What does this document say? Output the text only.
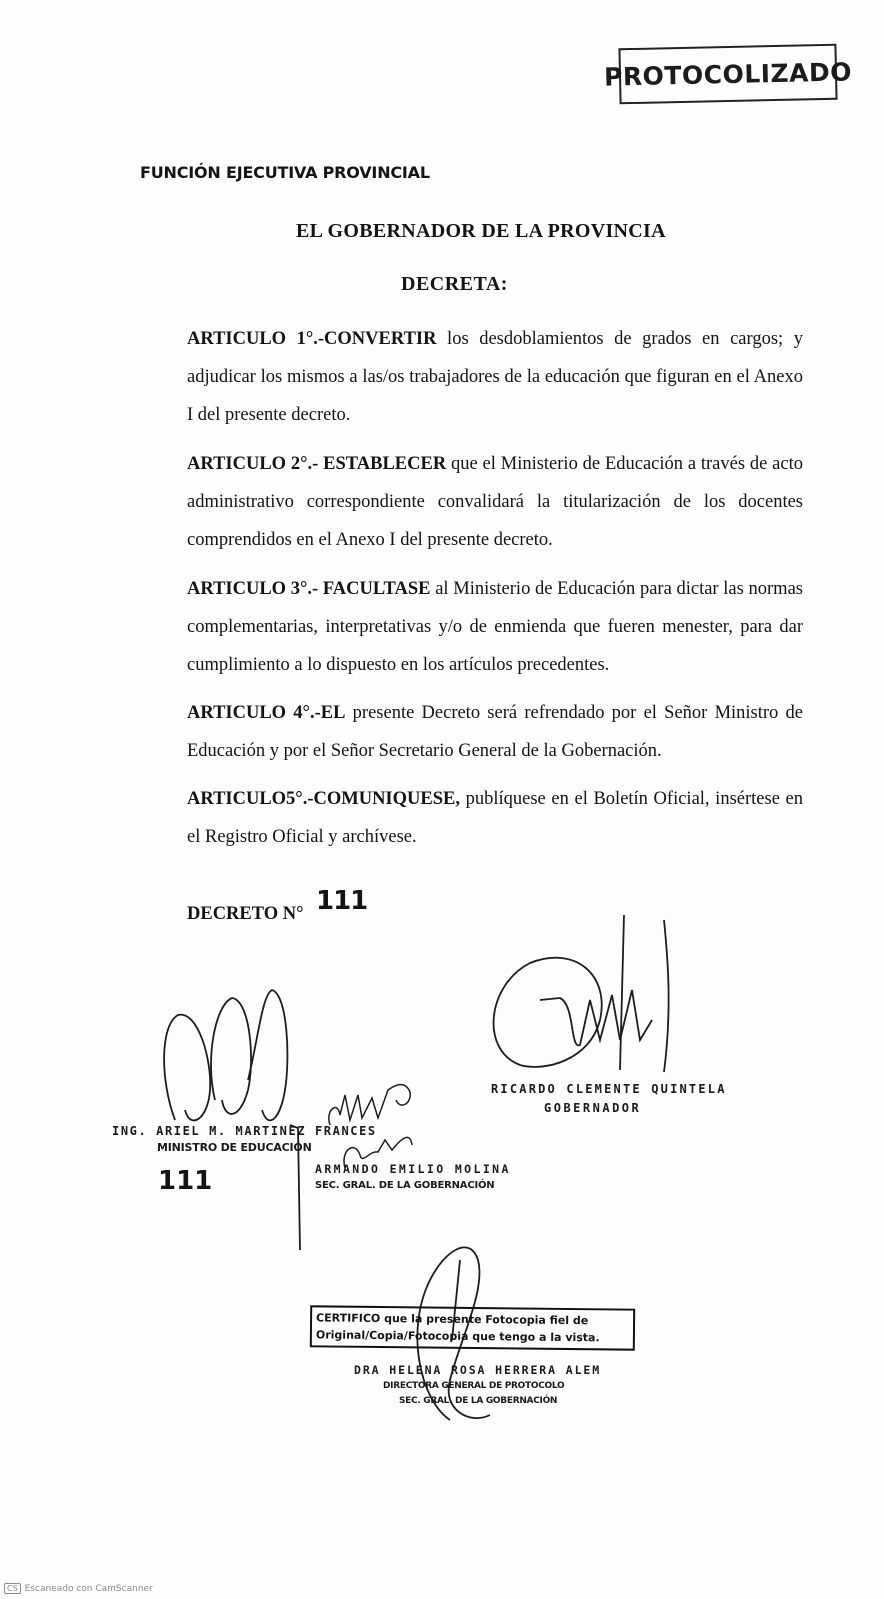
PROTOCOLIZADO
FUNCIÓN EJECUTIVA PROVINCIAL
EL GOBERNADOR DE LA PROVINCIA
DECRETA:
ARTICULO 1°.-CONVERTIR los desdoblamientos de grados en cargos; y adjudicar los mismos a las/os trabajadores de la educación que figuran en el Anexo I del presente decreto.
ARTICULO 2°.- ESTABLECER que el Ministerio de Educación a través de acto administrativo correspondiente convalidará la titularización de los docentes comprendidos en el Anexo I del presente decreto.
ARTICULO 3°.- FACULTASE al Ministerio de Educación para dictar las normas complementarias, interpretativas y/o de enmienda que fueren menester, para dar cumplimiento a lo dispuesto en los artículos precedentes.
ARTICULO 4°.-EL presente Decreto será refrendado por el Señor Ministro de Educación y por el Señor Secretario General de la Gobernación.
ARTICULO5°.-COMUNIQUESE, publíquese en el Boletín Oficial, insértese en el Registro Oficial y archívese.
DECRETO N° 111
RICARDO CLEMENTE QUINTELA
GOBERNADOR
ING. ARIEL M. MARTINEZ FRANCES
MINISTRO DE EDUCACIÓN
111	ARMANDO EMILIO MOLINA
SEC. GRAL. DE LA GOBERNACIÓN
CERTIFICO que la presente Fotocopia fiel de
Original/Copia/Fotocopia que tengo a la vista.
DRA HELENA ROSA HERRERA ALEM
DIRECTORA GENERAL DE PROTOCOLO
SEC. GRAL. DE LA GOBERNACIÓN
CS Escaneado con CamScanner
